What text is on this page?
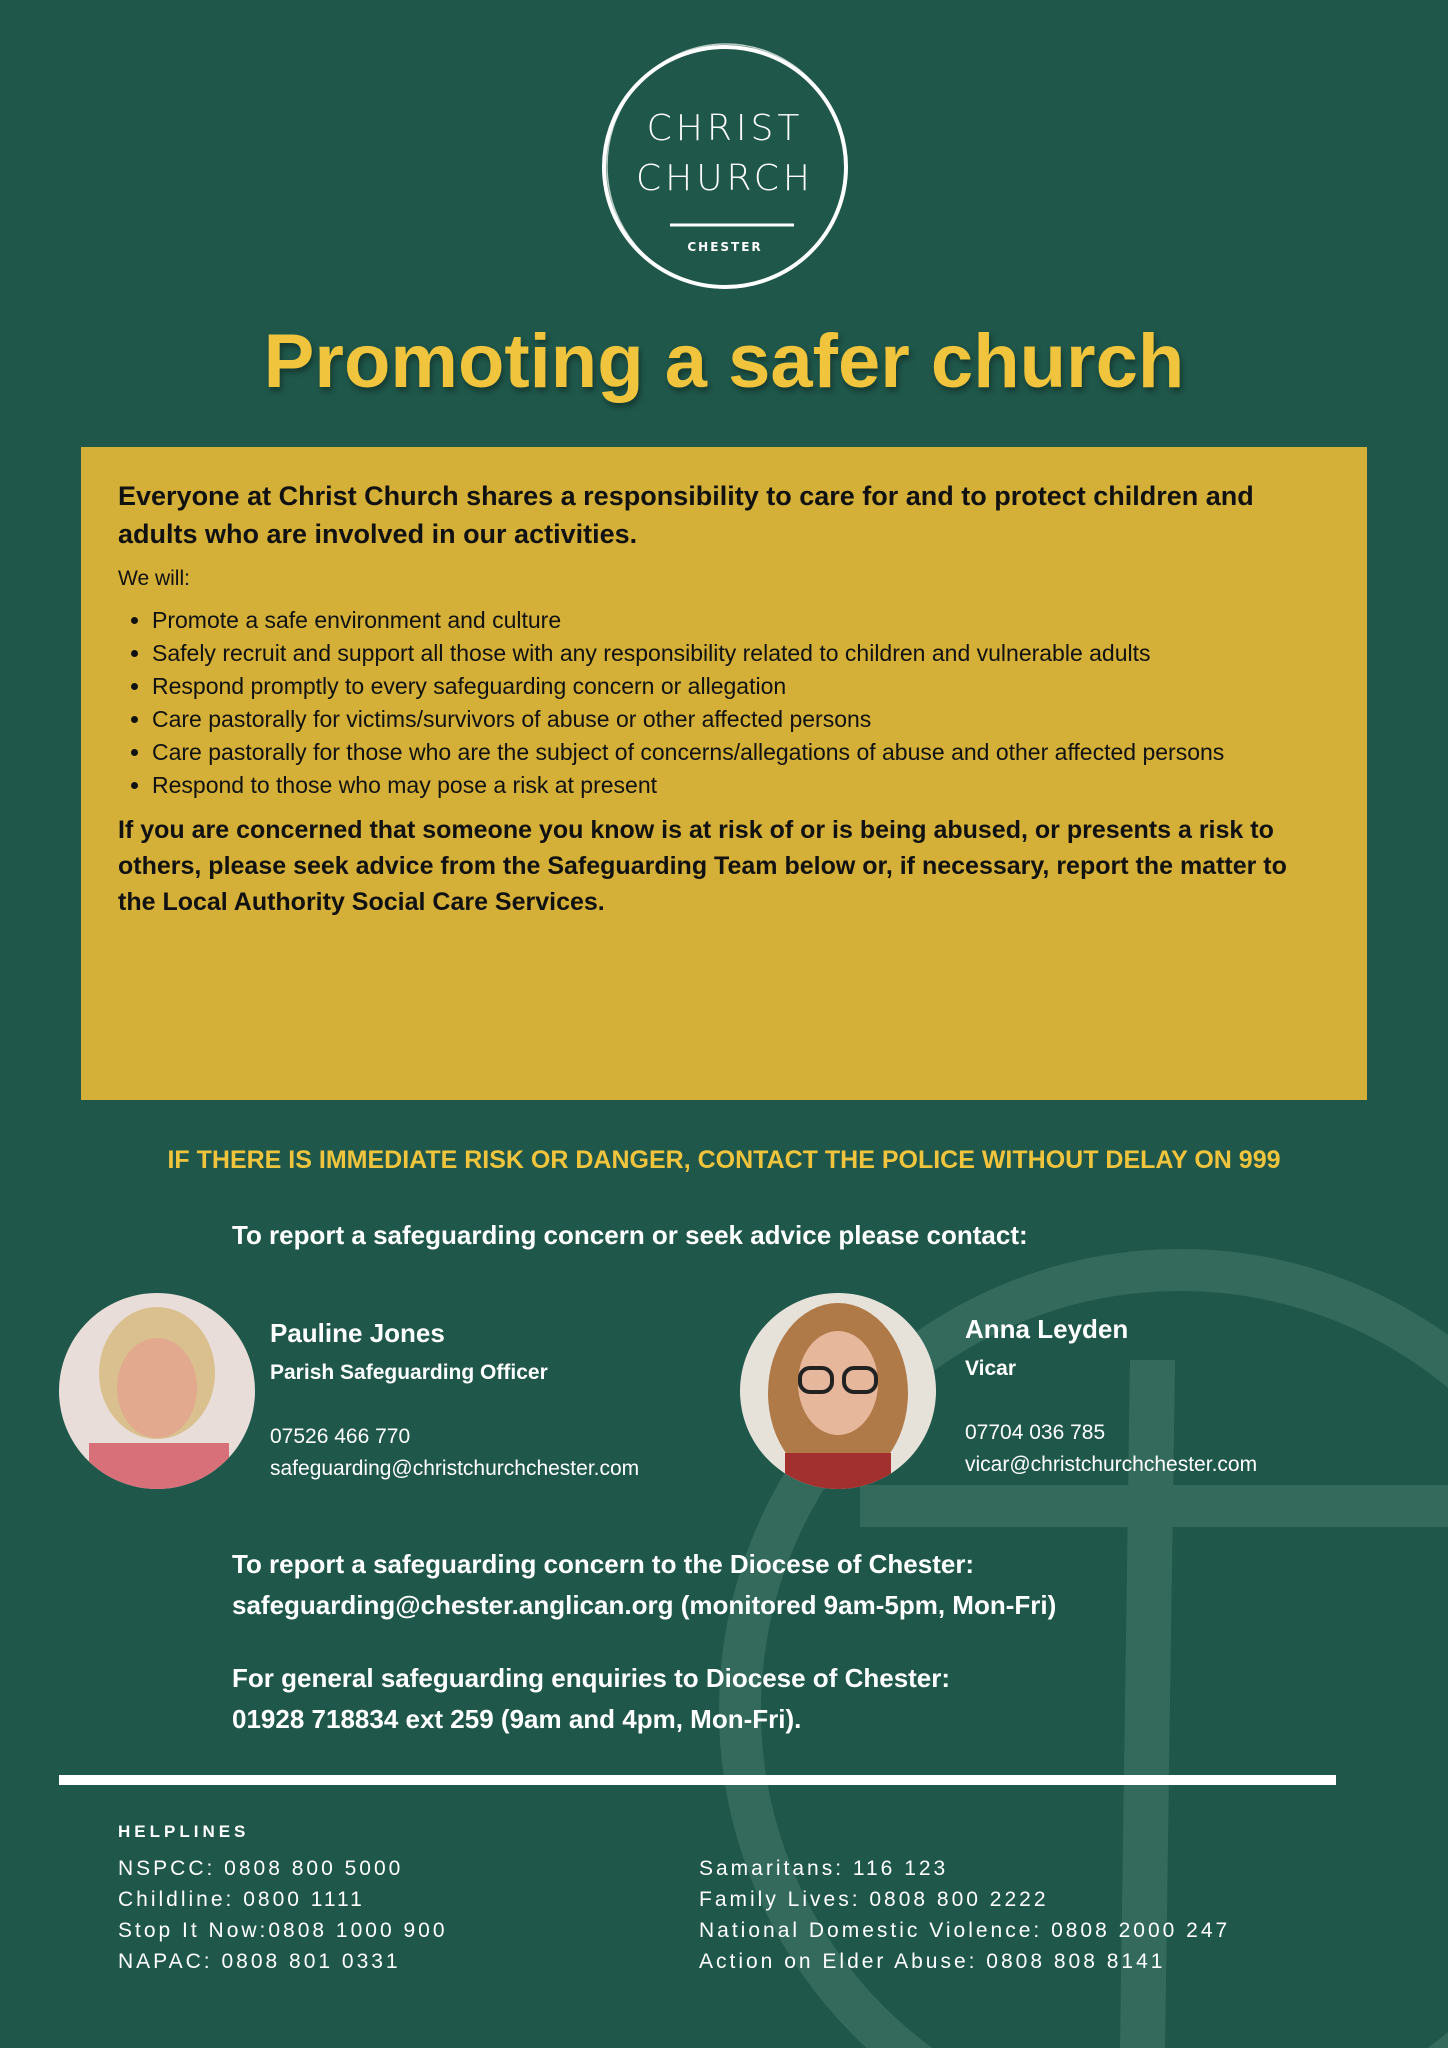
CHRIST
CHURCH
CHESTER
Promoting a safer church

Everyone at Christ Church shares a responsibility to care for and to protect children and adults who are involved in our activities.

We will:

• Promote a safe environment and culture
• Safely recruit and support all those with any responsibility related to children and vulnerable adults
• Respond promptly to every safeguarding concern or allegation
• Care pastorally for victims/survivors of abuse or other affected persons
• Care pastorally for those who are the subject of concerns/allegations of abuse and other affected persons
• Respond to those who may pose a risk at present

If you are concerned that someone you know is at risk of or is being abused, or presents a risk to others, please seek advice from the Safeguarding Team below or, if necessary, report the matter to the Local Authority Social Care Services.

IF THERE IS IMMEDIATE RISK OR DANGER, CONTACT THE POLICE WITHOUT DELAY ON 999
To report a safeguarding concern or seek advice please contact:
Pauline Jones
Parish Safeguarding Officer
07526 466 770
safeguarding@christchurchchester.com
Anna Leyden
Vicar
07704 036 785
vicar@christchurchchester.com
To report a safeguarding concern to the Diocese of Chester:
safeguarding@chester.anglican.org (monitored 9am-5pm, Mon-Fri)
For general safeguarding enquiries to Diocese of Chester:
01928 718834 ext 259 (9am and 4pm, Mon-Fri).
HELPLINES
NSPCC: 0808 800 5000
Childline: 0800 1111
Stop It Now:0808 1000 900
NAPAC: 0808 801 0331
Samaritans: 116 123
Family Lives: 0808 800 2222
National Domestic Violence: 0808 2000 247
Action on Elder Abuse: 0808 808 8141
